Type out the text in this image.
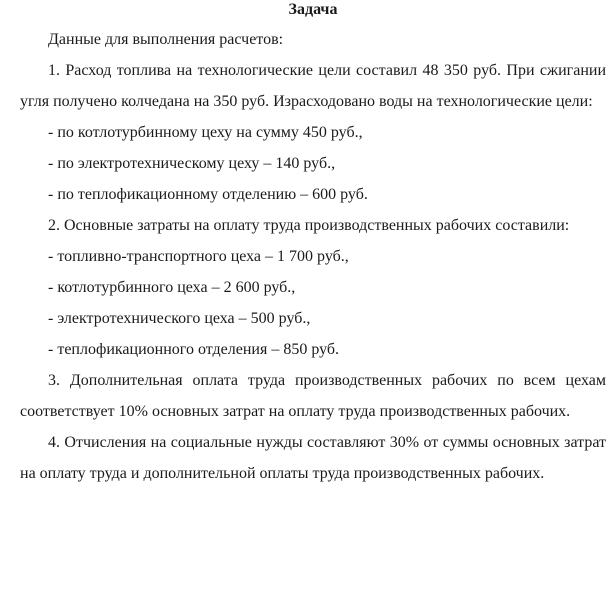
Задача

Данные для выполнения расчетов:

1. Расход топлива на технологические цели составил 48 350 руб. При сжигании угля получено колчедана на 350 руб. Израсходовано воды на технологические цели:

- по котлотурбинному цеху на сумму 450 руб.,

- по электротехническому цеху – 140 руб.,

- по теплофикационному отделению – 600 руб.

2. Основные затраты на оплату труда производственных рабочих составили:

- топливно-транспортного цеха – 1 700 руб.,

- котлотурбинного цеха – 2 600 руб.,

- электротехнического цеха – 500 руб.,

- теплофикационного отделения – 850 руб.

3. Дополнительная оплата труда производственных рабочих по всем цехам соответствует 10% основных затрат на оплату труда производственных рабочих.

4. Отчисления на социальные нужды составляют 30% от суммы основных затрат на оплату труда и дополнительной оплаты труда производственных рабочих.
